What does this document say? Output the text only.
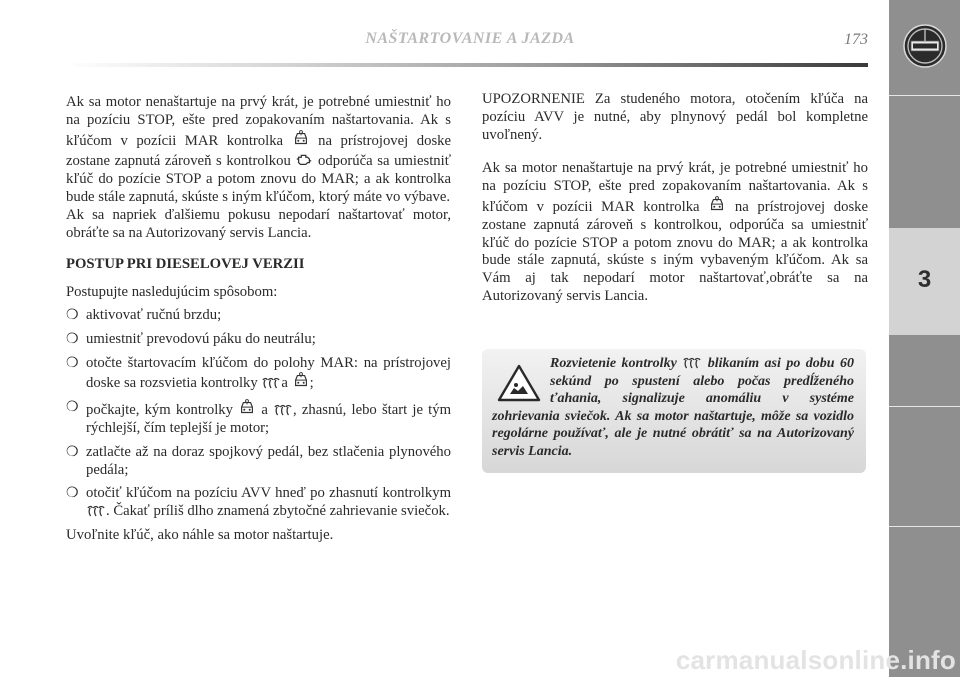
NAŠTARTOVANIE A JAZDA	173
3

Ak sa motor nenaštartuje na prvý krát, je potrebné umiestniť ho na pozíciu STOP, ešte pred zopakovaním naštartovania. Ak s kľúčom v pozícii MAR kontrolka na prístrojovej doske zostane zapnutá zároveň s kontrolkou odporúča sa umiestniť kľúč do pozície STOP a potom znovu do MAR; a ak kontrolka bude stále zapnutá, skúste s iným kľúčom, ktorý máte vo výbave.

Ak sa napriek ďalšiemu pokusu nepodarí naštartovať motor, obráťte sa na Autorizovaný servis Lancia.

POSTUP PRI DIESELOVEJ VERZII

Postupujte nasledujúcim spôsobom:

❍ aktivovať ručnú brzdu;
❍ umiestniť prevodovú páku do neutrálu;
❍ otočte štartovacím kľúčom do polohy MAR: na prístrojovej doske sa rozsvietia kontrolky a ;
❍ počkajte, kým kontrolky a , zhasnú, lebo štart je tým rýchlejší, čím teplejší je motor;
❍ zatlačte až na doraz spojkový pedál, bez stlačenia plynového pedála;
❍ otočiť kľúčom na pozíciu AVV hneď po zhasnutí kontrolkym . Čakať príliš dlho znamená zbytočné zahrievanie sviečok.

Uvoľnite kľúč, ako náhle sa motor naštartuje.

UPOZORNENIE Za studeného motora, otočením kľúča na pozíciu AVV je nutné, aby plnynový pedál bol kompletne uvoľnený.

Ak sa motor nenaštartuje na prvý krát, je potrebné umiestniť ho na pozíciu STOP, ešte pred zopakovaním naštartovania. Ak s kľúčom v pozícii MAR kontrolka na prístrojovej doske zostane zapnutá zároveň s kontrolkou, odporúča sa umiestniť kľúč do pozície STOP a potom znovu do MAR; a ak kontrolka bude stále zapnutá, skúste s iným vybaveným kľúčom. Ak sa Vám aj tak nepodarí motor naštartovať,obráťte sa na Autorizovaný servis Lancia.

Rozvietenie kontrolky blikaním asi po dobu 60 sekúnd po spustení alebo počas predĺženého ťahania, signalizuje anomáliu v systéme zohrievania sviečok. Ak sa motor naštartuje, môže sa vozidlo regolárne používať, ale je nutné obrátiť sa na Autorizovaný servis Lancia.

carmanualsonline.info
